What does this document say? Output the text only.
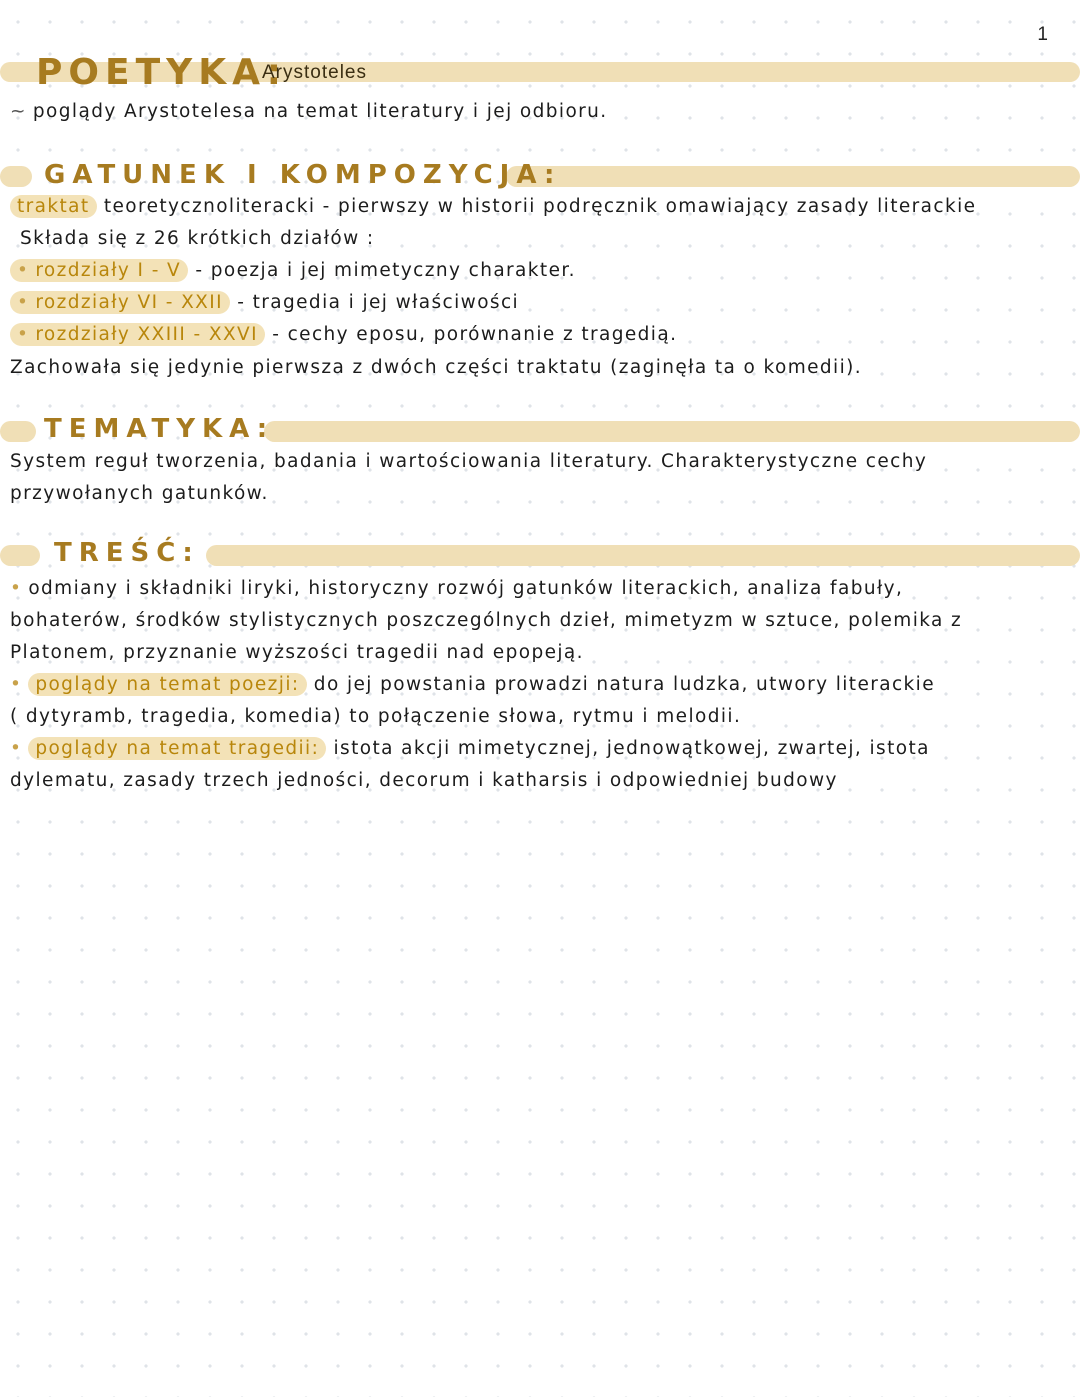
1
POETYKA:
Arystoteles
~ poglądy Arystotelesa na temat literatury i jej odbioru.
GATUNEK I KOMPOZYCJA:
traktat teoretycznoliteracki - pierwszy w historii podręcznik omawiający zasady literackie
Składa się z 26 krótkich działów :
• rozdziały I - V - poezja i jej mimetyczny charakter.
• rozdziały VI - XXII - tragedia i jej właściwości
• rozdziały XXIII - XXVI - cechy eposu, porównanie z tragedią.
Zachowała się jedynie pierwsza z dwóch części traktatu (zaginęła ta o komedii).
TEMATYKA:
System reguł tworzenia, badania i wartościowania literatury. Charakterystyczne cechy
przywołanych gatunków.
TREŚĆ:
• odmiany i składniki liryki, historyczny rozwój gatunków literackich, analiza fabuły,
bohaterów, środków stylistycznych poszczególnych dzieł, mimetyzm w sztuce, polemika z
Platonem, przyznanie wyższości tragedii nad epopeją.
• poglądy na temat poezji: do jej powstania prowadzi natura ludzka, utwory literackie
( dytyramb, tragedia, komedia) to połączenie słowa, rytmu i melodii.
• poglądy na temat tragedii: istota akcji mimetycznej, jednowątkowej, zwartej, istota
dylematu, zasady trzech jedności, decorum i katharsis i odpowiedniej budowy
